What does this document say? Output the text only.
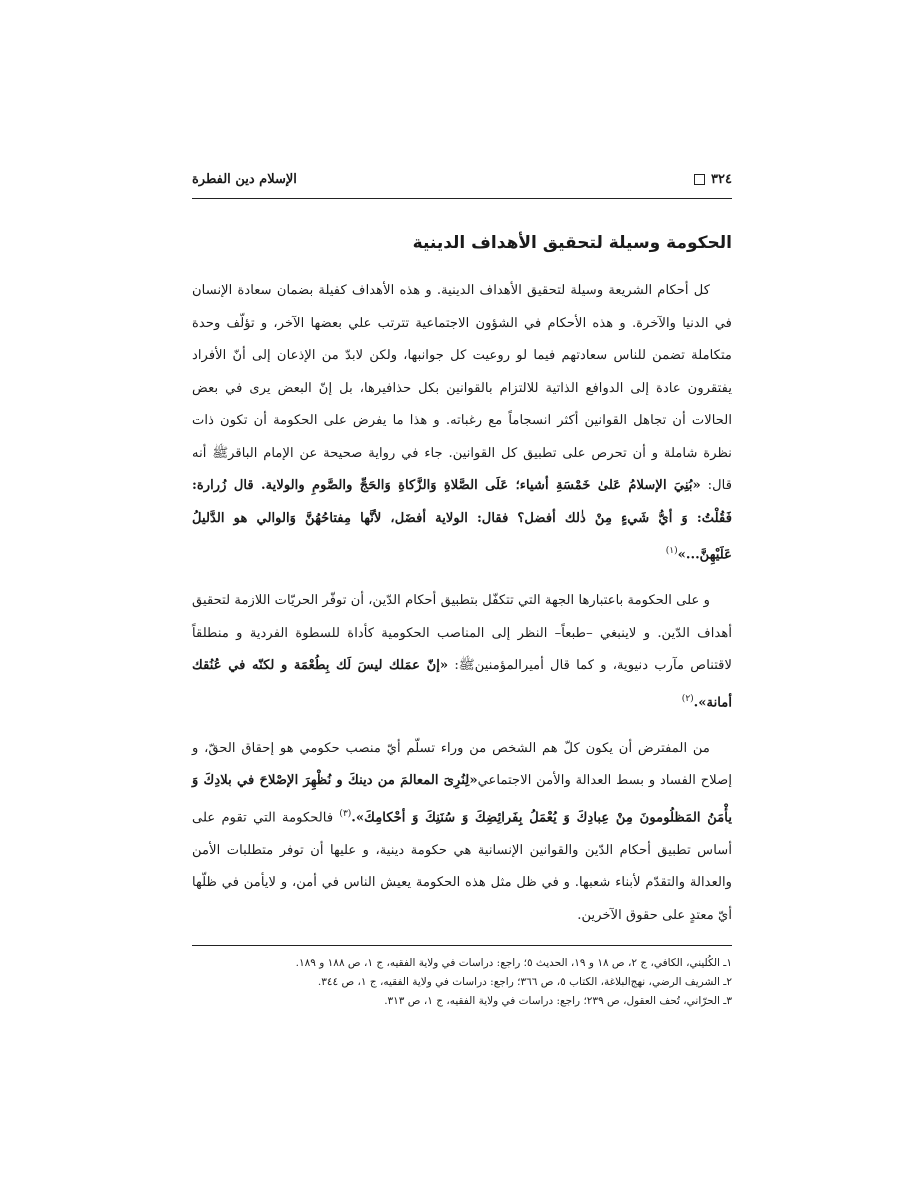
٣٢٤
الإسلام دين الفطرة
الحكومة وسيلة لتحقيق الأهداف الدينية

كل أحكام الشريعة وسيلة لتحقيق الأهداف الدينية. و هذه الأهداف كفيلة بضمان سعادة الإنسان في الدنيا والآخرة. و هذه الأحكام في الشؤون الاجتماعية تترتب علي بعضها الآخر، و تؤلّف وحدة متكاملة تضمن للناس سعادتهم فيما لو روعيت كل جوانبها، ولكن لابدّ من الإذعان إلى أنّ الأفراد يفتقرون عادة إلى الدوافع الذاتية للالتزام بالقوانين بكل حذافيرها، بل إنّ البعض يرى في بعض الحالات أن تجاهل القوانين أكثر انسجاماً مع رغباته. و هذا ما يفرض على الحكومة أن تكون ذات نظرة شاملة و أن تحرص على تطبيق كل القوانين. جاء في رواية صحيحة عن الإمام الباقرﷺ أنه قال: «بُنِيَ الإسلامُ عَلىٰ خَمْسَةِ أشياء؛ عَلَى الصَّلاةِ وَالزَّكاةِ وَالحَجِّ والصَّومِ والولاية. قال زُرارة: فَقُلْتُ: وَ أيُّ شَيءٍ مِنْ ذٰلك أفضل؟ فقال: الولاية أفضَل، لأنَّها مِفتاحُهُنَّ وَالوالي هو الدَّليلُ عَلَيْهِنَّ...»$^{(١)}$

و على الحكومة باعتبارها الجهة التي تتكفّل بتطبيق أحكام الدّين، أن توفّر الحريّات اللازمة لتحقيق أهداف الدّين. و لاينبغي –طبعاً– النظر إلى المناصب الحكومية كأداة للسطوة الفردية و منطلقاً لاقتناص مآرب دنيوية، و كما قال أميرالمؤمنينﷺ: «إنّ عمَلك ليسَ لَك بِطُعْمَة و لكنّه في عُنُقك أمانة».$^{(٢)}$

من المفترض أن يكون كلّ هم الشخص من وراء تسلّم أيّ منصب حكومي هو إحقاق الحقّ، و إصلاح الفساد و بسط العدالة والأمن الاجتماعي«لِنُرِىَ المعالمَ من دينكَ و نُظْهِرَ الإصْلاحَ في بلادِكَ وَ يأْمَنُ المَظلُومونَ مِنْ عِبادِكَ وَ يُعْمَلُ بِفَرائِضِكَ وَ سُنَنِكَ وَ أحْكامِكَ».$^{(٣)}$ فالحكومة التي تقوم على أساس تطبيق أحكام الدّين والقوانين الإنسانية هي حكومة دينية، و عليها أن توفر متطلبات الأمن والعدالة والتقدّم لأبناء شعبها. و في ظل مثل هذه الحكومة يعيش الناس في أمن، و لايأمن في ظلّها أيّ معتدٍ على حقوق الآخرين.

١ـ الكُليني، الكافي، ج ٢، ص ١٨ و ١٩، الحديث ٥؛ راجع: دراسات في ولاية الفقيه، ج ١، ص ١٨٨ و ١٨٩.
٢ـ الشريف الرضي، نهج‌البلاغة، الكتاب ٥، ص ٣٦٦؛ راجع: دراسات في ولاية الفقيه، ج ١، ص ٣٤٤.
٣ـ الحرّاني، تُحف العقول، ص ٢٣٩؛ راجع: دراسات في ولاية الفقيه، ج ١، ص ٣١٣.
